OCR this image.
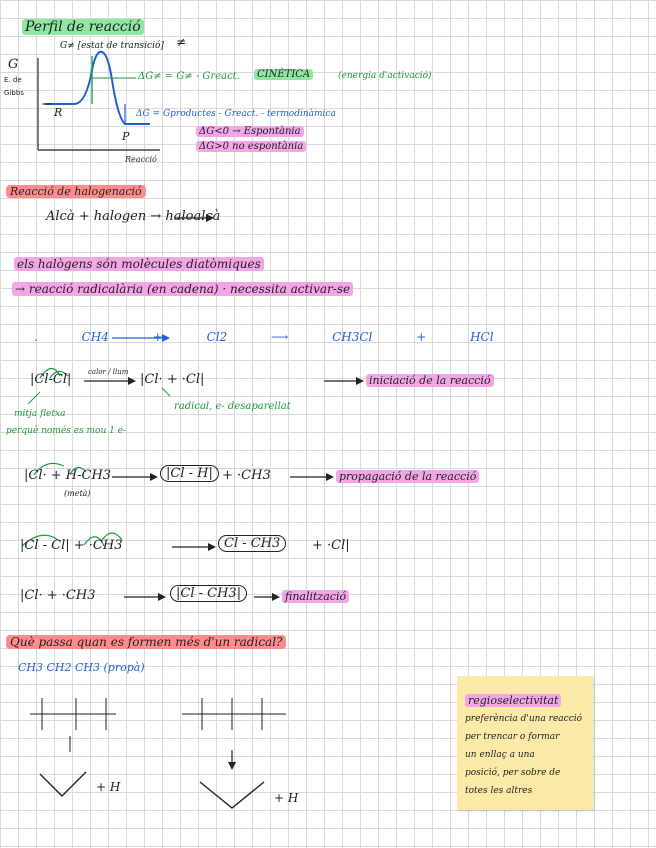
Perfil de reacció
G
E. de Gibbs
G≠ [estat de transició] ≠
R
P
Reacció
ΔG≠ = G≠ - Greact.	CINÈTICA	(energia d'activació)
ΔG = Gproductes - Greact. - termodinàmica
ΔG<0 → Espontània
ΔG>0 no espontània
Reacció de halogenació
Alcà + halogen → haloalcà
els halògens són molècules diatòmiques
→ reacció radicalària (en cadena) · necessita activar-se
. CH4 + Cl2 ⟶ CH3Cl + HCl
|Cl-Cl| calor / llum |Cl· + ·Cl|	iniciació de la reacció
radical, e- desaparellat
mitja fletxa
perquè només es mou 1 e-
|Cl· + H-CH3
(metà)
|Cl - H| + ·CH3	propagació de la reacció
|Cl - Cl| + ·CH3	Cl - CH3	+ ·Cl|
|Cl· + ·CH3	|Cl - CH3|	finalització
Què passa quan es formen més d'un radical?
CH3 CH2 CH3 (propà)
+ H
+ H
regioselectivitat
preferència d'una reacció
per trencar o formar
un enllaç a una
posició, per sobre de
totes les altres
